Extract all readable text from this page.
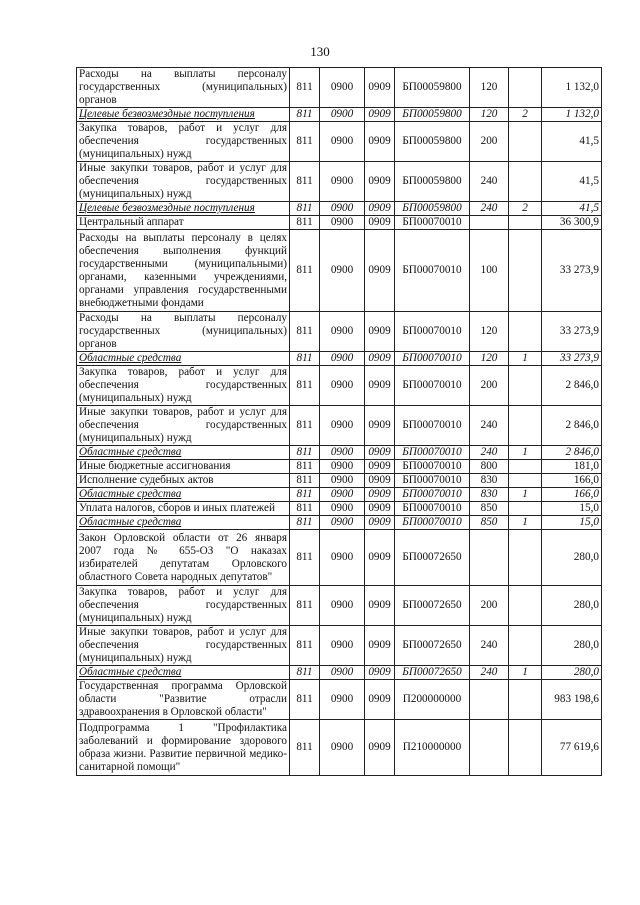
130
Расходы на выплаты персоналу государственных (муниципальных) органов	811	0900	0909	БП00059800	120		1 132,0
Целевые безвозмездные поступления	811	0900	0909	БП00059800	120	2	1 132,0
Закупка товаров, работ и услуг для обеспечения государственных (муниципальных) нужд	811	0900	0909	БП00059800	200		41,5
Иные закупки товаров, работ и услуг для обеспечения государственных (муниципальных) нужд	811	0900	0909	БП00059800	240		41,5
Целевые безвозмездные поступления	811	0900	0909	БП00059800	240	2	41,5
Центральный аппарат	811	0900	0909	БП00070010			36 300,9
Расходы на выплаты персоналу в целях обеспечения выполнения функций государственными (муниципальными) органами, казенными учреждениями, органами управления государственными внебюджетными фондами	811	0900	0909	БП00070010	100		33 273,9
Расходы на выплаты персоналу государственных (муниципальных) органов	811	0900	0909	БП00070010	120		33 273,9
Областные средства	811	0900	0909	БП00070010	120	1	33 273,9
Закупка товаров, работ и услуг для обеспечения государственных (муниципальных) нужд	811	0900	0909	БП00070010	200		2 846,0
Иные закупки товаров, работ и услуг для обеспечения государственных (муниципальных) нужд	811	0900	0909	БП00070010	240		2 846,0
Областные средства	811	0900	0909	БП00070010	240	1	2 846,0
Иные бюджетные ассигнования	811	0900	0909	БП00070010	800		181,0
Исполнение судебных актов	811	0900	0909	БП00070010	830		166,0
Областные средства	811	0900	0909	БП00070010	830	1	166,0
Уплата налогов, сборов и иных платежей	811	0900	0909	БП00070010	850		15,0
Областные средства	811	0900	0909	БП00070010	850	1	15,0
Закон Орловской области от 26 января 2007 года № 655-ОЗ "О наказах избирателей депутатам Орловского областного Совета народных депутатов"	811	0900	0909	БП00072650			280,0
Закупка товаров, работ и услуг для обеспечения государственных (муниципальных) нужд	811	0900	0909	БП00072650	200		280,0
Иные закупки товаров, работ и услуг для обеспечения государственных (муниципальных) нужд	811	0900	0909	БП00072650	240		280,0
Областные средства	811	0900	0909	БП00072650	240	1	280,0
Государственная программа Орловской области "Развитие отрасли здравоохранения в Орловской области"	811	0900	0909	П200000000			983 198,6
Подпрограмма 1 "Профилактика заболеваний и формирование здорового образа жизни. Развитие первичной медико-санитарной помощи"	811	0900	0909	П210000000			77 619,6
